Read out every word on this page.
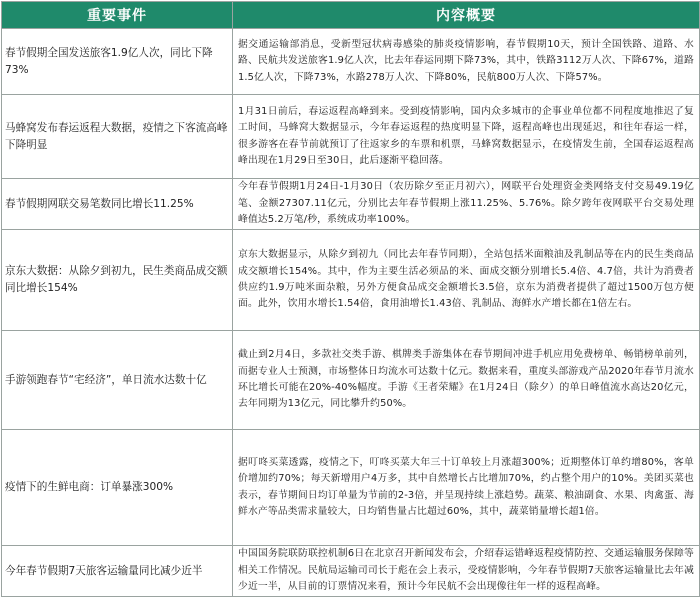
重要事件	内容概要
春节假期全国发送旅客1.9亿人次，同比下降73%	据交通运输部消息，受新型冠状病毒感染的肺炎疫情影响，春节假期10天，预计全国铁路、道路、水路、民航共发送旅客1.9亿人次，比去年春运同期下降73%，其中，铁路3112万人次、下降67%，道路1.5亿人次，下降73%，水路278万人次、下降80%，民航800万人次、下降57%。
马蜂窝发布春运返程大数据，疫情之下客流高峰下降明显	1月31日前后，春运返程高峰到来。受到疫情影响，国内众多城市的企事业单位都不同程度地推迟了复工时间，马蜂窝大数据显示，今年春运返程的热度明显下降，返程高峰也出现延迟，和往年春运一样，很多游客在春节前就预订了往返家乡的车票和机票，马蜂窝数据显示，在疫情发生前，全国春运返程高峰出现在1月29日至30日，此后逐渐平稳回落。
春节假期网联交易笔数同比增长11.25%	今年春节假期1月24日-1月30日（农历除夕至正月初六），网联平台处理资金类网络支付交易49.19亿笔、金额27307.11亿元，分别比去年春节假期上涨11.25%、5.76%。除夕跨年夜网联平台交易处理峰值达5.2万笔/秒，系统成功率100%。
京东大数据：从除夕到初九，民生类商品成交额同比增长154%	京东大数据显示，从除夕到初九（同比去年春节同期），全站包括米面粮油及乳制品等在内的民生类商品成交额增长154%。其中，作为主要生活必须品的米、面成交额分别增长5.4倍、4.7倍，共计为消费者供应约1.9万吨米面杂粮，另外方便食品成交金额增长3.5倍，京东为消费者提供了超过1500万包方便面。此外，饮用水增长1.54倍，食用油增长1.43倍、乳制品、海鲜水产增长都在1倍左右。
手游领跑春节“宅经济”，单日流水达数十亿	截止到2月4日，多款社交类手游、棋牌类手游集体在春节期间冲进手机应用免费榜单、畅销榜单前列，而据专业人士预测，市场整体日均流水可达数十亿元。数据来看，重度头部游戏产品2020年春节月流水环比增长可能在20%-40%幅度。手游《王者荣耀》在1月24日（除夕）的单日峰值流水高达20亿元，去年同期为13亿元，同比攀升约50%。
疫情下的生鲜电商：订单暴涨300%	据叮咚买菜透露，疫情之下，叮咚买菜大年三十订单较上月涨超300%；近期整体订单约增80%，客单价增加约70%；每天新增用户4万多，其中自然增长占比增加70%，约占整个用户的10%。美团买菜也表示，春节期间日均订单量为节前的2-3倍，并呈现持续上涨趋势。蔬菜、粮油副食、水果、肉禽蛋、海鲜水产等品类需求量较大，日均销售量占比超过60%，其中，蔬菜销量增长超1倍。
今年春节假期7天旅客运输量同比减少近半	中国国务院联防联控机制6日在北京召开新闻发布会，介绍春运错峰返程疫情防控、交通运输服务保障等相关工作情况。民航局运输司司长于彪在会上表示，受疫情影响，今年春节假期7天旅客运输量比去年减少近一半，从目前的订票情况来看，预计今年民航不会出现像往年一样的返程高峰。
